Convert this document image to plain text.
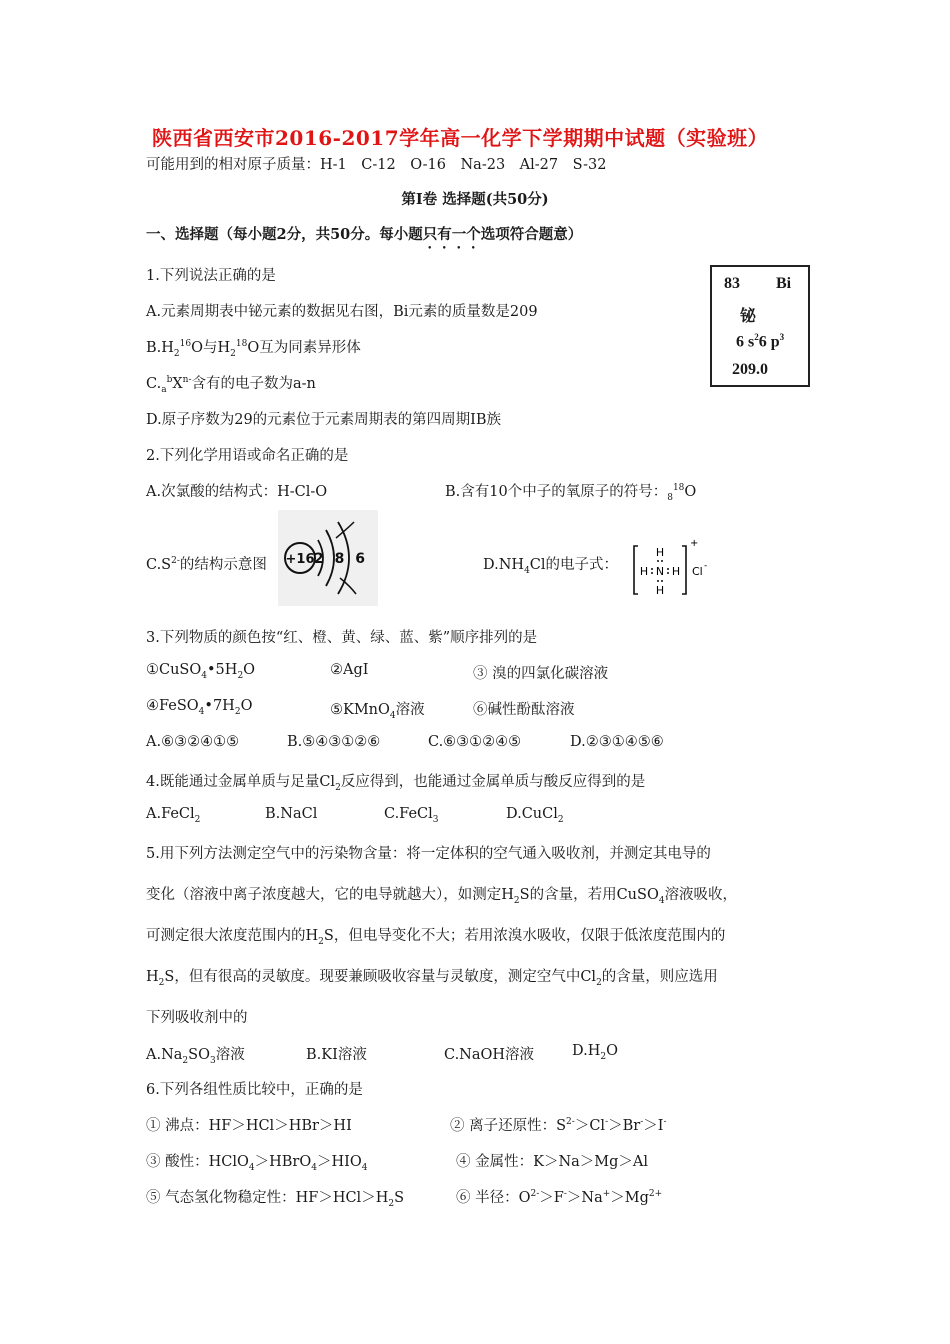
陕西省西安市2016-2017学年高一化学下学期期中试题（实验班）
可能用到的相对原子质量：H-1　C-12　O-16　Na-23　Al-27　S-32
第Ⅰ卷 选择题(共50分)
一、选择题（每小题2分，共50分。每小题只有一个选项符合题意）
83 Bi
铋
6 $s^26$ $p^3$
209.0
1.下列说法正确的是
A.元素周期表中铋元素的数据见右图，Bi元素的质量数是209
$B.H_2^{16}O$与$H_2^{18}O$互为同素异形体
$C._a^bX^{n-}$含有的电子数为a-n
D.原子序数为29的元素位于元素周期表的第四周期ⅠB族
2.下列化学用语或命名正确的是
A.次氯酸的结构式：H-Cl-O	B.含有10个中子的氧原子的符号：$_8^{18}$O
$C.S^{2-}$的结构示意图 +16 2 8 6	$D.NH_4Cl$的电子式：
H
H N H
H
+
Cl -
3.下列物质的颜色按“红、橙、黄、绿、蓝、紫”顺序排列的是
$①CuSO_4•5H_2O$	②AgI	③ 溴的四氯化碳溶液
$④FeSO_4•7H_2O$	⑤KMnO$_4$溶液	⑥碱性酚酞溶液
A.⑥③②④①⑤	B.⑤④③①②⑥	C.⑥③①②④⑤	D.②③①④⑤⑥
4.既能通过金属单质与足量$Cl_2$反应得到，也能通过金属单质与酸反应得到的是
A.FeCl$_2$	B.NaCl	C.FeCl$_3$	D.CuCl$_2$
5.用下列方法测定空气中的污染物含量：将一定体积的空气通入吸收剂，并测定其电导的
变化（溶液中离子浓度越大，它的电导就越大），如测定$H_2S$的含量，若用CuSO$_4$溶液吸收，
可测定很大浓度范围内的$H_2S$，但电导变化不大；若用浓溴水吸收，仅限于低浓度范围内的
$H_2S$，但有很高的灵敏度。现要兼顾吸收容量与灵敏度，测定空气中$Cl_2$的含量，则应选用
下列吸收剂中的
$A.Na_2SO_3$溶液	B.KI溶液	C.NaOH溶液	$D.H_2O$
6.下列各组性质比较中，正确的是
① 沸点：HF＞HCl＞HBr＞HI	② 离子还原性：$S^{2-}>Cl^->Br^->I^-$
③ 酸性：$HClO_4>HBrO_4>HIO_4$	④ 金属性：K＞Na＞Mg＞Al
⑤ 气态氢化物稳定性：$HF>HCl>H_2S$	⑥ 半径：$O^{2-}>F^->Na^+>Mg^{2+}$
